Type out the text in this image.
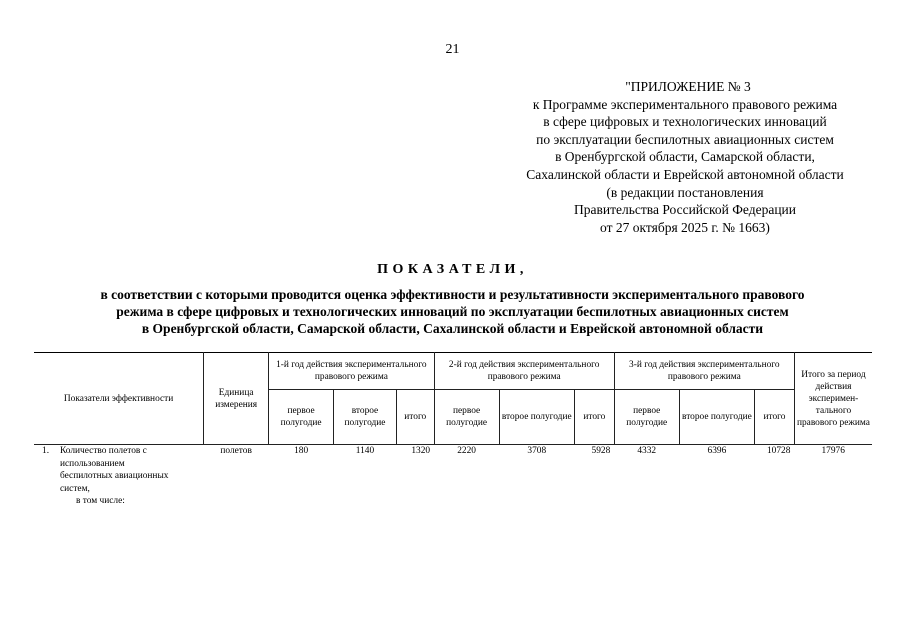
21
"ПРИЛОЖЕНИЕ № 3
к Программе экспериментального правового режима
в сфере цифровых и технологических инноваций
по эксплуатации беспилотных авиационных систем
в Оренбургской области, Самарской области,
Сахалинской области и Еврейской автономной области
(в редакции постановления
Правительства Российской Федерации
от 27 октября 2025 г. № 1663)
ПОКАЗАТЕЛИ,
в соответствии с которыми проводится оценка эффективности и результативности экспериментального правового
режима в сфере цифровых и технологических инноваций по эксплуатации беспилотных авиационных систем
в Оренбургской области, Самарской области, Сахалинской области и Еврейской автономной области
Показатели эффективности	Единица измерения	1-й год действия экспериментального правового режима			2-й год действия экспериментального правового режима			3-й год действия экспериментального правового режима			Итого за период действия эксперимен- тального правового режима
		первое полугодие	второе полугодие	итого	первое полугодие	второе полугодие	итого	первое полугодие	второе полугодие	итого	
1. Количество полетов с использованием беспилотных авиационных систем,	полетов	180	1140	1320	2220	3708	5928	4332	6396	10728	17976
в том числе:											
